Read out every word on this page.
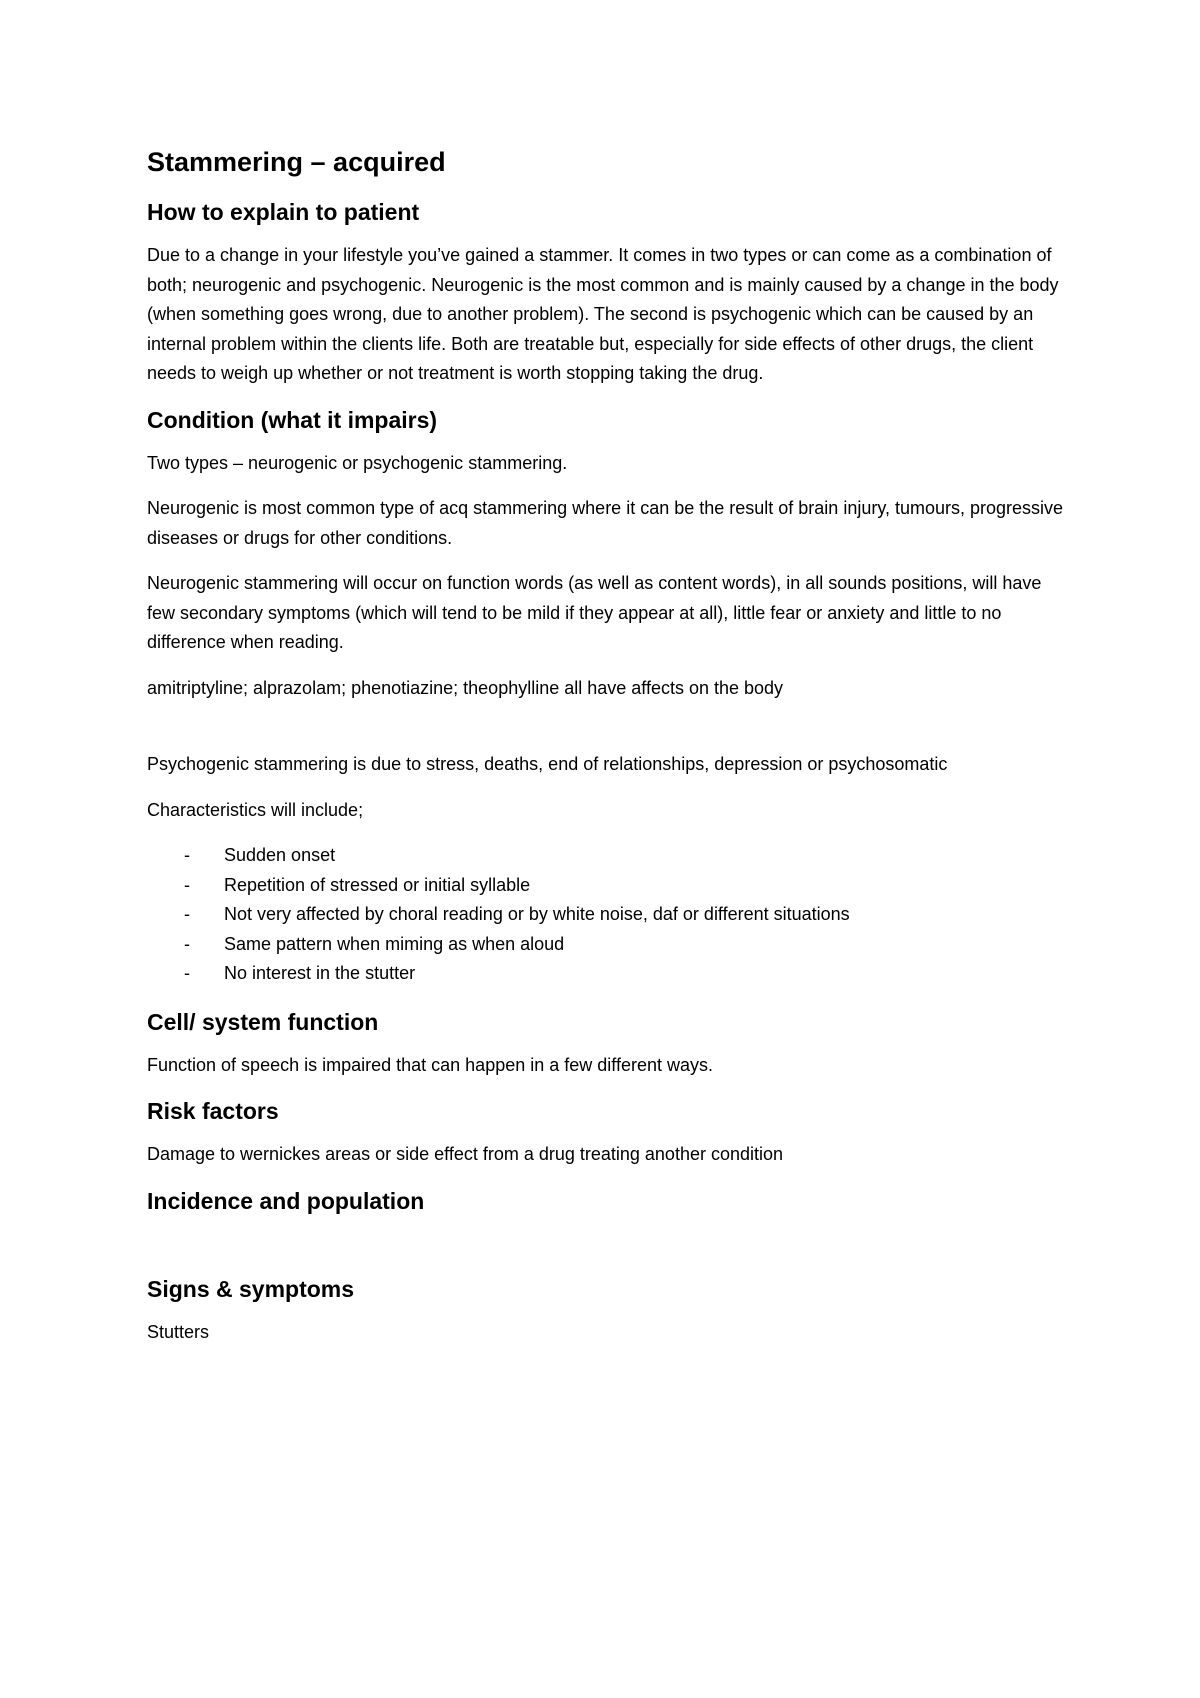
Stammering – acquired
How to explain to patient

Due to a change in your lifestyle you’ve gained a stammer. It comes in two types or can come as a combination of both; neurogenic and psychogenic. Neurogenic is the most common and is mainly caused by a change in the body (when something goes wrong, due to another problem). The second is psychogenic which can be caused by an internal problem within the clients life. Both are treatable but, especially for side effects of other drugs, the client needs to weigh up whether or not treatment is worth stopping taking the drug.

Condition (what it impairs)

Two types – neurogenic or psychogenic stammering.

Neurogenic is most common type of acq stammering where it can be the result of brain injury, tumours, progressive diseases or drugs for other conditions.

Neurogenic stammering will occur on function words (as well as content words), in all sounds positions, will have few secondary symptoms (which will tend to be mild if they appear at all), little fear or anxiety and little to no difference when reading.

amitriptyline; alprazolam; phenotiazine; theophylline all have affects on the body

Psychogenic stammering is due to stress, deaths, end of relationships, depression or psychosomatic

Characteristics will include;

-	Sudden onset
-	Repetition of stressed or initial syllable
-	Not very affected by choral reading or by white noise, daf or different situations
-	Same pattern when miming as when aloud
-	No interest in the stutter
Cell/ system function

Function of speech is impaired that can happen in a few different ways.

Risk factors

Damage to wernickes areas or side effect from a drug treating another condition

Incidence and population
Signs & symptoms

Stutters
